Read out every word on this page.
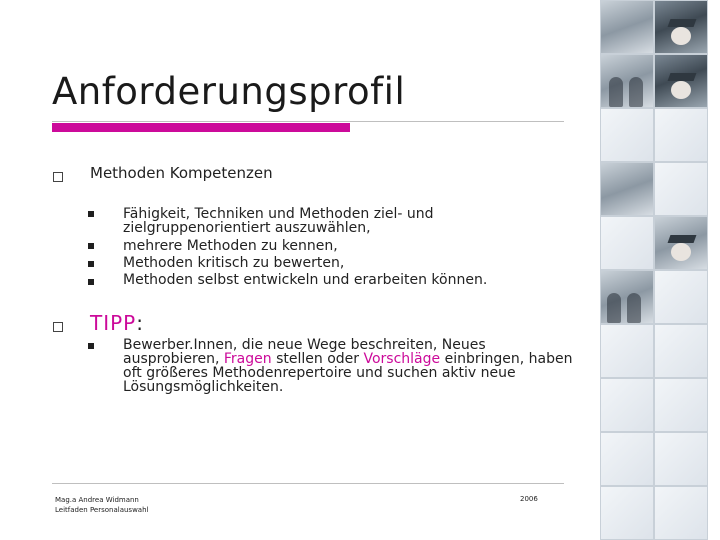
Anforderungsprofil
Methoden Kompetenzen
Fähigkeit, Techniken und Methoden ziel- und zielgruppenorientiert auszuwählen,
mehrere Methoden zu kennen,
Methoden kritisch zu bewerten,
Methoden selbst entwickeln und erarbeiten können.
TIPP:
Bewerber.Innen, die neue Wege beschreiten, Neues ausprobieren, Fragen stellen oder Vorschläge einbringen, haben oft größeres Methodenrepertoire und suchen aktiv neue Lösungsmöglichkeiten.
Mag.a Andrea Widmann
Leitfaden Personalauswahl
2006
